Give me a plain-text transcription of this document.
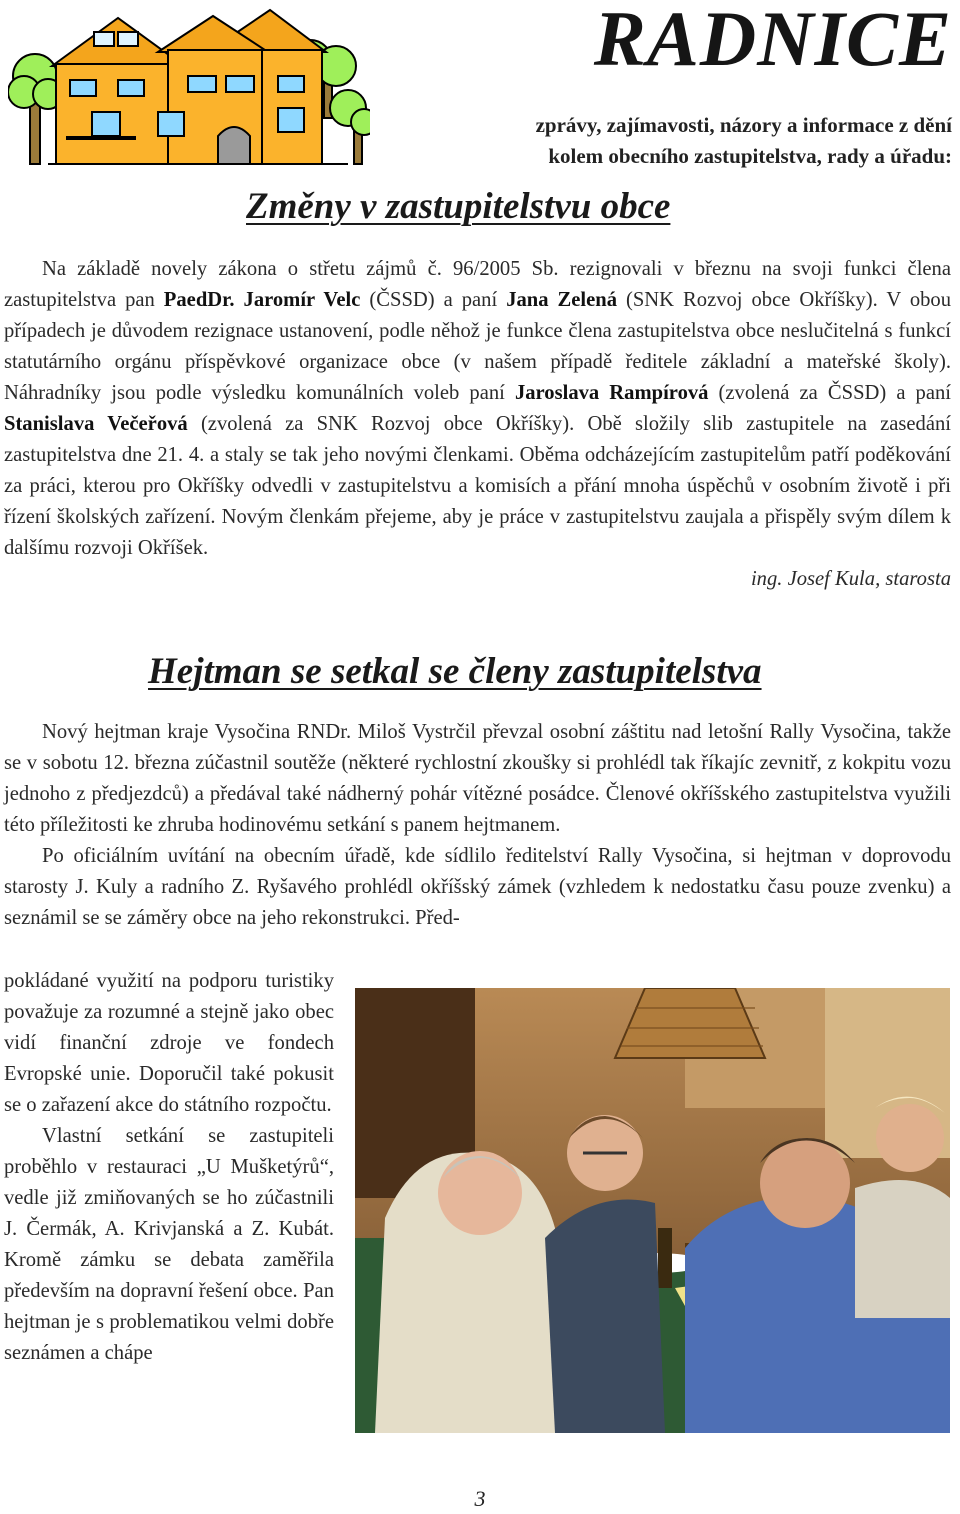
RADNICE
zprávy, zajímavosti, názory a informace z dění
kolem obecního zastupitelstva, rady a úřadu:
Změny v zastupitelstvu obce

Na základě novely zákona o střetu zájmů č. 96/2005 Sb. rezignovali v březnu na svoji funkci člena zastupitelstva pan PaedDr. Jaromír Velc (ČSSD) a paní Jana Zelená (SNK Rozvoj obce Okříšky). V obou případech je důvodem rezignace ustanovení, podle něhož je funkce člena zastupitelstva obce neslučitelná s funkcí statutárního orgánu příspěvkové organizace obce (v našem případě ředitele základní a mateřské školy). Náhradníky jsou podle výsledku komunálních voleb paní Jaroslava Rampírová (zvolená za ČSSD) a paní Stanislava Večeřová (zvolená za SNK Rozvoj obce Okříšky). Obě složily slib zastupitele na zasedání zastupitelstva dne 21. 4. a staly se tak jeho novými členkami. Oběma odcházejícím zastupitelům patří poděkování za práci, kterou pro Okříšky odvedli v zastupitelstvu a komisích a přání mnoha úspěchů v osobním životě i při řízení školských zařízení. Novým členkám přejeme, aby je práce v zastupitelstvu zaujala a přispěly svým dílem k dalšímu rozvoji Okříšek.

ing. Josef Kula, starosta

Hejtman se setkal se členy zastupitelstva

Nový hejtman kraje Vysočina RNDr. Miloš Vystrčil převzal osobní záštitu nad letošní Rally Vysočina, takže se v sobotu 12. března zúčastnil soutěže (některé rychlostní zkoušky si prohlédl tak říkajíc zevnitř, z kokpitu vozu jednoho z předjezdců) a předával také nádherný pohár vítězné posádce. Členové okříšského zastupitelstva využili této příležitosti ke zhruba hodinovému setkání s panem hejtmanem.

Po oficiálním uvítání na obecním úřadě, kde sídlilo ředitelství Rally Vysočina, si hejtman v doprovodu starosty J. Kuly a radního Z. Ryšavého prohlédl okříšský zámek (vzhledem k nedostatku času pouze zvenku) a seznámil se se záměry obce na jeho rekonstrukci. Před-

pokládané využití na podporu turistiky považuje za rozumné a stejně jako obec vidí finanční zdroje ve fondech Evropské unie. Doporučil také pokusit se o zařazení akce do státního rozpočtu.

Vlastní setkání se zastupiteli proběhlo v restauraci „U Mušketýrů“, vedle již zmiňovaných se ho zúčastnili J. Čermák, A. Krivjanská a Z. Kubát. Kromě zámku se debata zaměřila především na dopravní řešení obce. Pan hejtman je s problematikou velmi dobře seznámen a chápe

3
